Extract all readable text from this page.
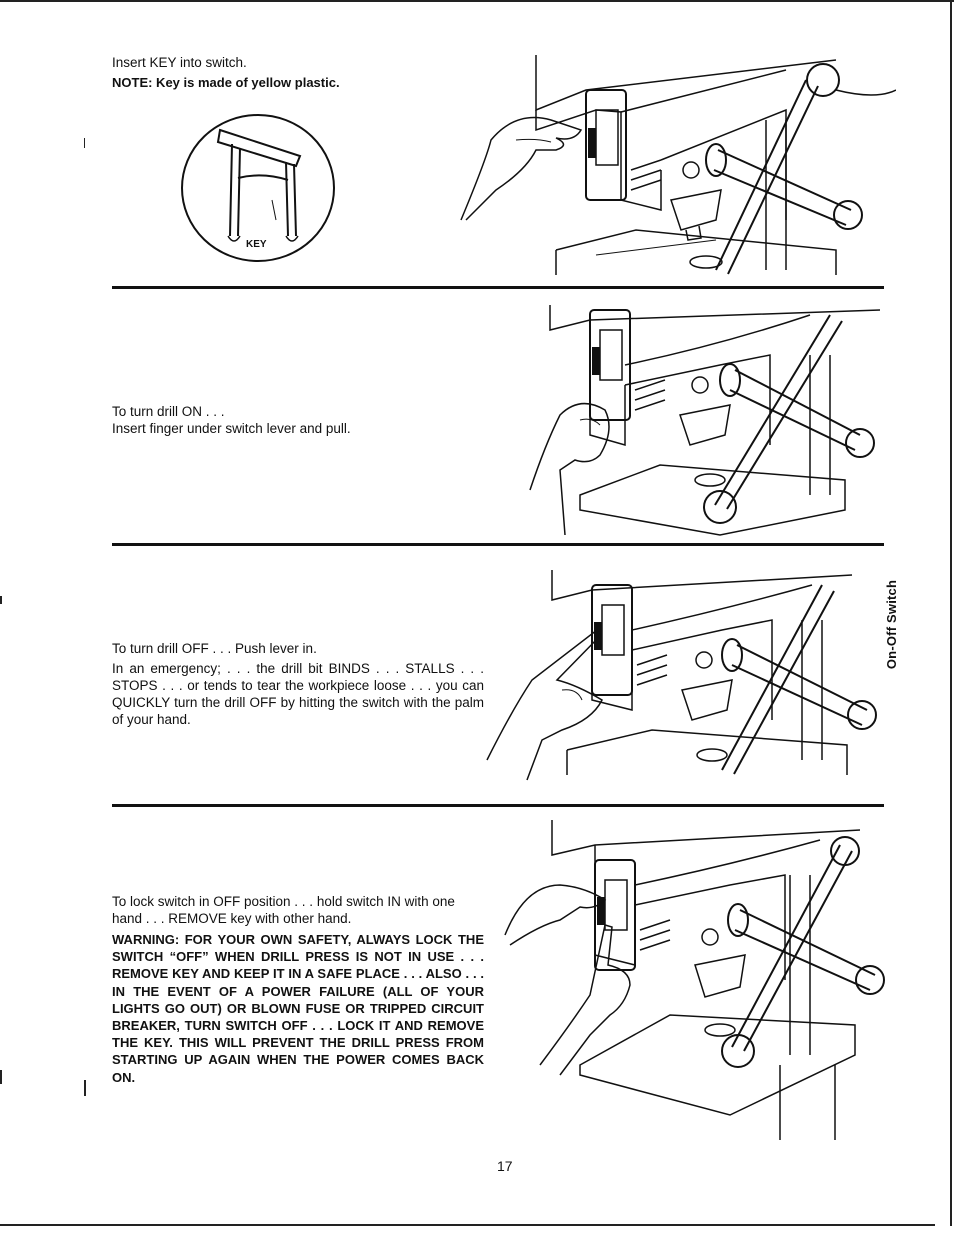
Insert KEY into switch.

NOTE: Key is made of yellow plastic.

KEY

To turn drill ON . . .

Insert finger under switch lever and pull.

To turn drill OFF . . . Push lever in.

In an emergency; . . . the drill bit BINDS . . . STALLS . . . STOPS . . . or tends to tear the workpiece loose . . . you can QUICKLY turn the drill OFF by hitting the switch with the palm of your hand.

On-Off Switch

To lock switch in OFF position . . . hold switch IN with one hand . . . REMOVE key with other hand.

WARNING: FOR YOUR OWN SAFETY, ALWAYS LOCK THE SWITCH “OFF” WHEN DRILL PRESS IS NOT IN USE . . . REMOVE KEY AND KEEP IT IN A SAFE PLACE . . . ALSO . . . IN THE EVENT OF A POWER FAILURE (ALL OF YOUR LIGHTS GO OUT) OR BLOWN FUSE OR TRIPPED CIRCUIT BREAKER, TURN SWITCH OFF . . . LOCK IT AND REMOVE THE KEY. THIS WILL PREVENT THE DRILL PRESS FROM STARTING UP AGAIN WHEN THE POWER COMES BACK ON.

17
